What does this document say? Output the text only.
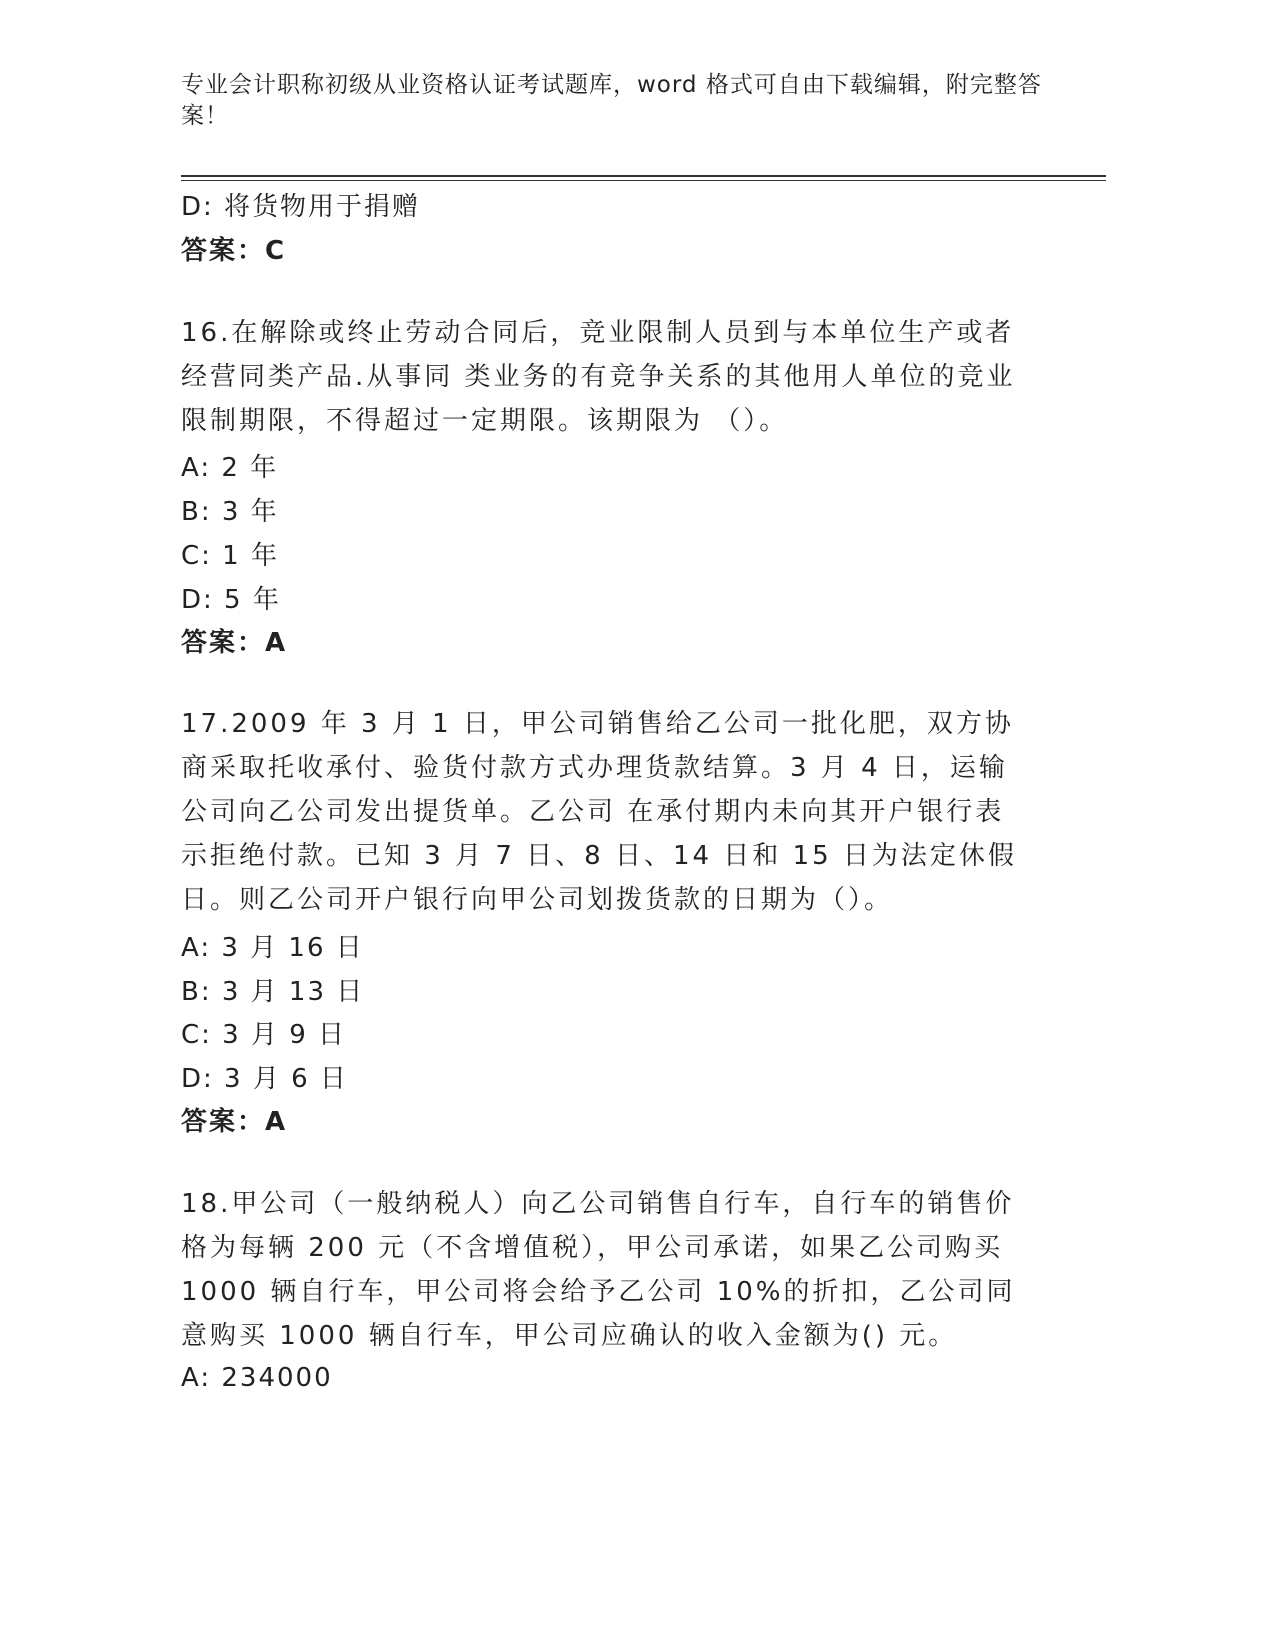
专业会计职称初级从业资格认证考试题库，word 格式可自由下载编辑，附完整答案！
D: 将货物用于捐赠
答案：C
16.在解除或终止劳动合同后，竞业限制人员到与本单位生产或者经营同类产品.从事同 类业务的有竞争关系的其他用人单位的竞业限制期限，不得超过一定期限。该期限为 （）。
A: 2 年
B: 3 年
C: 1 年
D: 5 年
答案：A
17.2009 年 3 月 1 日，甲公司销售给乙公司一批化肥，双方协商采取托收承付、验货付款方式办理货款结算。3 月 4 日，运输公司向乙公司发出提货单。乙公司 在承付期内未向其开户银行表示拒绝付款。已知 3 月 7 日、8 日、14 日和 15 日为法定休假 日。则乙公司开户银行向甲公司划拨货款的日期为（）。
A: 3 月 16 日
B: 3 月 13 日
C: 3 月 9 日
D: 3 月 6 日
答案：A
18.甲公司（一般纳税人）向乙公司销售自行车，自行车的销售价格为每辆 200 元（不含增值税），甲公司承诺，如果乙公司购买 1000 辆自行车，甲公司将会给予乙公司 10%的折扣，乙公司同意购买 1000 辆自行车，甲公司应确认的收入金额为() 元。
A: 234000
